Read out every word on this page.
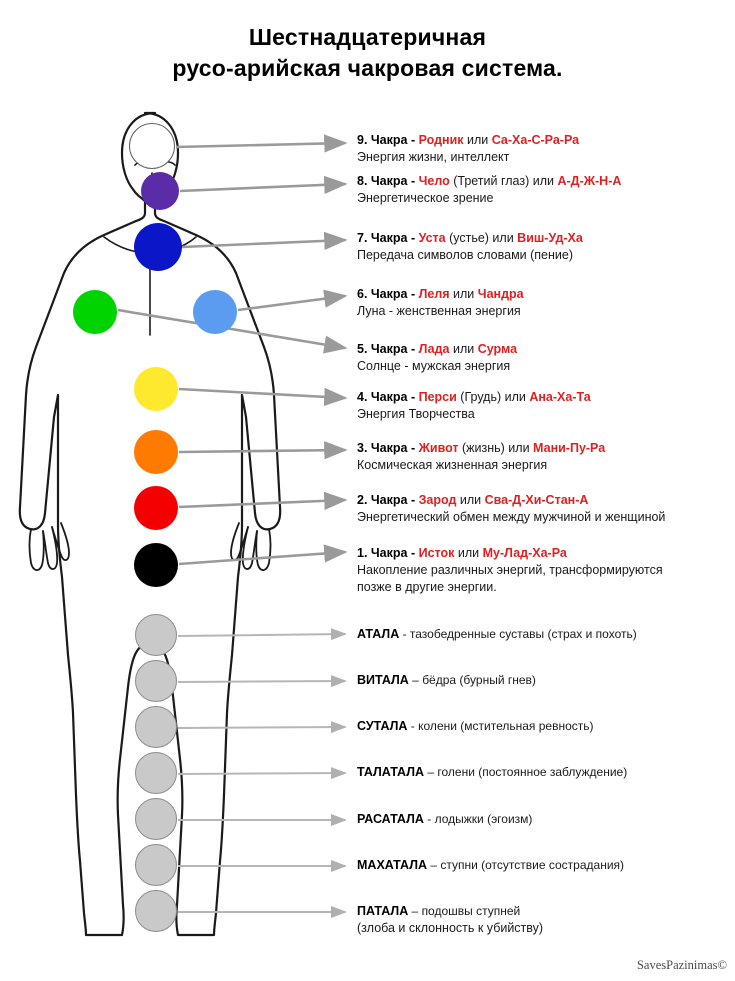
Шестнадцатеричная
русо-арийская чакровая система.
9. Чакра - Родник или Са-Ха-С-Ра-Ра
Энергия жизни, интеллект
8. Чакра - Чело (Третий глаз) или А-Д-Ж-Н-А
Энергетическое зрение
7. Чакра - Уста (устье) или Виш-Уд-Ха
Передача символов словами (пение)
6. Чакра - Леля или Чандра
Луна - женственная энергия
5. Чакра - Лада или Сурма
Солнце - мужская энергия
4. Чакра - Перси (Грудь) или Ана-Ха-Та
Энергия Творчества
3. Чакра - Живот (жизнь) или Мани-Пу-Ра
Космическая жизненная энергия
2. Чакра - Зарод или Сва-Д-Хи-Стан-А
Энергетический обмен между мужчиной и женщиной
1. Чакра - Исток или Му-Лад-Ха-Ра
Накопление различных энергий, трансформируются
позже в другие энергии.
АТАЛА - тазобедренные суставы (страх и похоть)
ВИТАЛА – бёдра (бурный гнев)
СУТАЛА - колени (мстительная ревность)
ТАЛАТАЛА – голени (постоянное заблуждение)
РАСАТАЛА - лодыжки (эгоизм)
МАХАТАЛА – ступни (отсутствие сострадания)
ПАТАЛА – подошвы ступней
(злоба и склонность к убийству)
SavesPazinimas©
